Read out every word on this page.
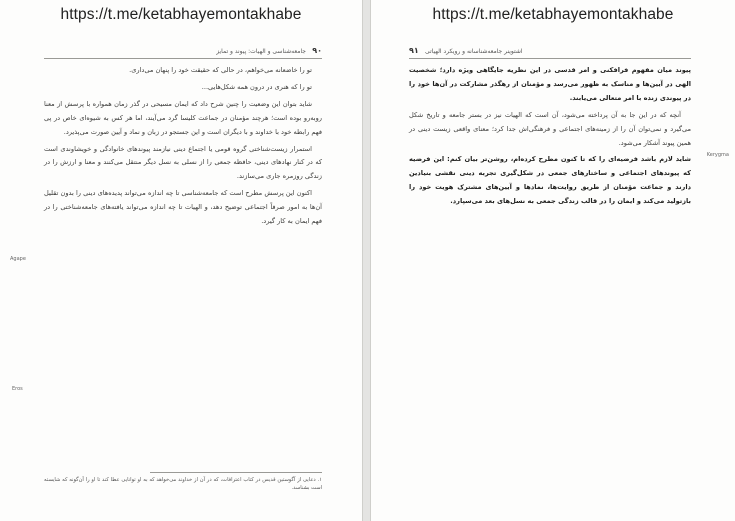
https://t.me/ketabhayemontakhabe
۹۰
جامعه‌شناسی و الهیات: پیوند و تمایز

تو را خاضعانه می‌خواهم، در حالی که حقیقت خود را پنهان می‌داری.

تو را که هنری در درون همه شکل‌هایی...

شاید بتوان این وضعیت را چنین شرح داد که ایمان مسیحی در گذر زمان همواره با پرسش از معنا روبه‌رو بوده است؛ هرچند مؤمنان در جماعت کلیسا گرد می‌آیند، اما هر کس به شیوه‌ای خاص در پی فهم رابطه خود با خداوند و با دیگران است و این جستجو در زبان و نماد و آیین صورت می‌پذیرد.

استمرار زیست‌شناختی گروه قومی یا اجتماع دینی نیازمند پیوندهای خانوادگی و خویشاوندی است که در کنار نهادهای دینی، حافظه جمعی را از نسلی به نسل دیگر منتقل می‌کنند و معنا و ارزش را در زندگی روزمره جاری می‌سازند.

اکنون این پرسش مطرح است که جامعه‌شناسی تا چه اندازه می‌تواند پدیده‌های دینی را بدون تقلیل آن‌ها به امور صرفاً اجتماعی توضیح دهد، و الهیات تا چه اندازه می‌تواند یافته‌های جامعه‌شناختی را در فهم ایمان به کار گیرد.

Agape
Eros
۱. دعایی از آگوستین قدیس در کتاب اعترافات، که در آن از خداوند می‌خواهد که به او توانایی عطا کند تا او را آن‌گونه که شایسته است بشناسد.
https://t.me/ketabhayemontakhabe
۹۱ اشتوینر جامعه‌شناسانه و رویکرد الهیاتی

پیوند میان مفهوم فرافکنی و امر قدسی در این نظریه جایگاهی ویژه دارد؛ شخصیت الهی در آیین‌ها و مناسک به ظهور می‌رسد و مؤمنان از رهگذر مشارکت در آن‌ها خود را در پیوندی زنده با امر متعالی می‌یابند.

آنچه که در این جا به آن پرداخته می‌شود، آن است که الهیات نیز در بستر جامعه و تاریخ شکل می‌گیرد و نمی‌توان آن را از زمینه‌های اجتماعی و فرهنگی‌اش جدا کرد؛ معنای واقعی زیست دینی در همین پیوند آشکار می‌شود.

شاید لازم باشد فرضیه‌ای را که تا کنون مطرح کرده‌ام، روشن‌تر بیان کنم: این فرضیه که پیوندهای اجتماعی و ساختارهای جمعی در شکل‌گیری تجربه دینی نقشی بنیادین دارند و جماعت مؤمنان از طریق روایت‌ها، نمادها و آیین‌های مشترک هویت خود را بازتولید می‌کند و ایمان را در قالب زندگی جمعی به نسل‌های بعد می‌سپارد.

Kerygma
